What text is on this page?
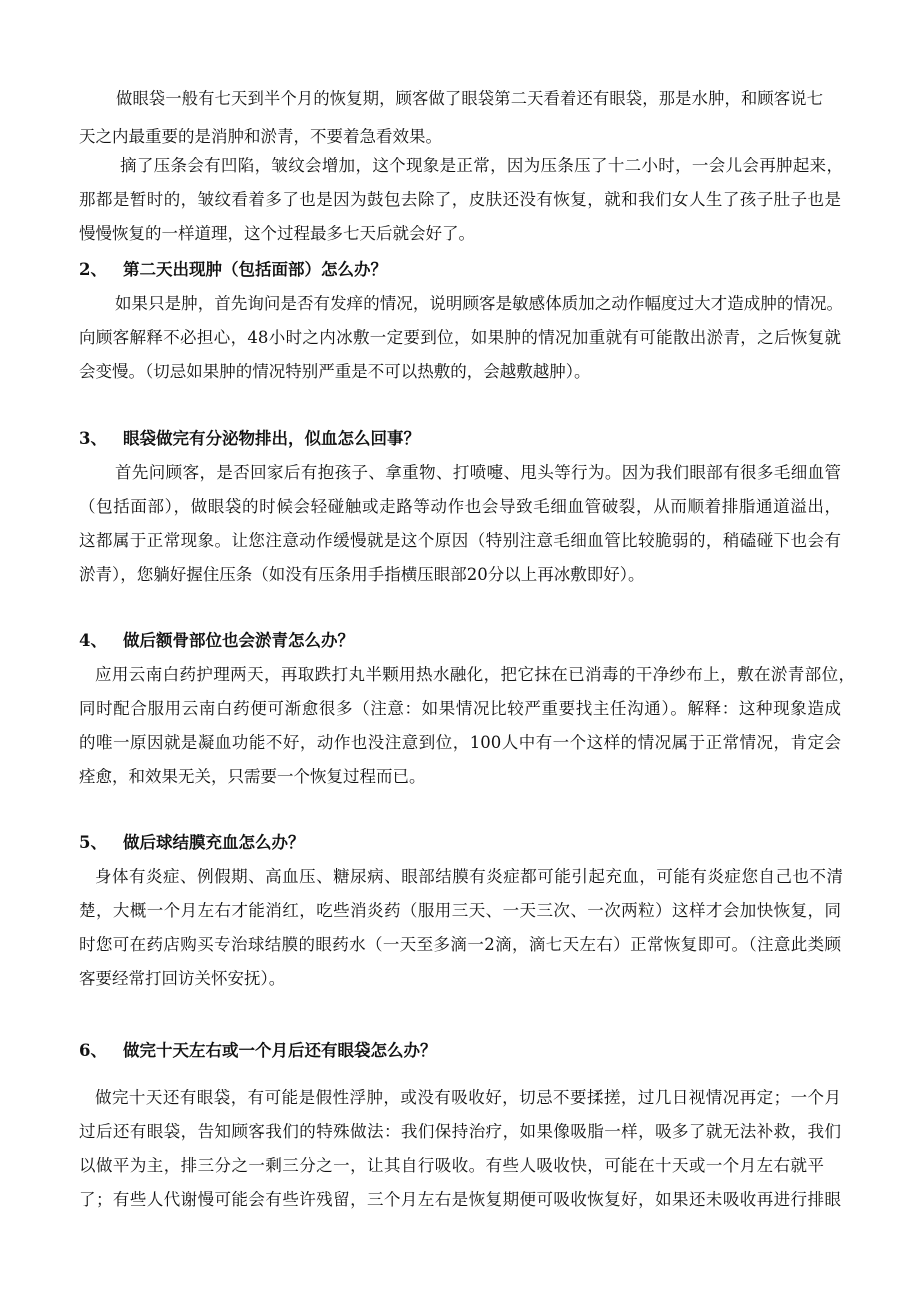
做眼袋一般有七天到半个月的恢复期，顾客做了眼袋第二天看着还有眼袋，那是水肿，和顾客说七
天之内最重要的是消肿和淤青，不要着急看效果。
摘了压条会有凹陷，皱纹会增加，这个现象是正常，因为压条压了十二小时，一会儿会再肿起来，
那都是暂时的，皱纹看着多了也是因为鼓包去除了，皮肤还没有恢复，就和我们女人生了孩子肚子也是
慢慢恢复的一样道理，这个过程最多七天后就会好了。
2、 第二天出现肿（包括面部）怎么办？
如果只是肿，首先询问是否有发痒的情况，说明顾客是敏感体质加之动作幅度过大才造成肿的情况。
向顾客解释不必担心，48小时之内冰敷一定要到位，如果肿的情况加重就有可能散出淤青，之后恢复就
会变慢。（切忌如果肿的情况特别严重是不可以热敷的，会越敷越肿）。
3、 眼袋做完有分泌物排出，似血怎么回事？
首先问顾客，是否回家后有抱孩子、拿重物、打喷嚏、甩头等行为。因为我们眼部有很多毛细血管
（包括面部），做眼袋的时候会轻碰触或走路等动作也会导致毛细血管破裂，从而顺着排脂通道溢出，
这都属于正常现象。让您注意动作缓慢就是这个原因（特别注意毛细血管比较脆弱的，稍磕碰下也会有
淤青），您躺好握住压条（如没有压条用手指横压眼部20分以上再冰敷即好）。
4、 做后额骨部位也会淤青怎么办？
应用云南白药护理两天，再取跌打丸半颗用热水融化，把它抹在已消毒的干净纱布上，敷在淤青部位，
同时配合服用云南白药便可渐愈很多（注意：如果情况比较严重要找主任沟通）。解释：这种现象造成
的唯一原因就是凝血功能不好，动作也没注意到位，100人中有一个这样的情况属于正常情况，肯定会
痊愈，和效果无关，只需要一个恢复过程而已。
5、 做后球结膜充血怎么办？
身体有炎症、例假期、高血压、糖尿病、眼部结膜有炎症都可能引起充血，可能有炎症您自己也不清
楚，大概一个月左右才能消红，吃些消炎药（服用三天、一天三次、一次两粒）这样才会加快恢复，同
时您可在药店购买专治球结膜的眼药水（一天至多滴一2滴，滴七天左右）正常恢复即可。（注意此类顾
客要经常打回访关怀安抚）。
6、 做完十天左右或一个月后还有眼袋怎么办？
做完十天还有眼袋，有可能是假性浮肿，或没有吸收好，切忌不要揉搓，过几日视情况再定；一个月
过后还有眼袋，告知顾客我们的特殊做法：我们保持治疗，如果像吸脂一样，吸多了就无法补救，我们
以做平为主，排三分之一剩三分之一，让其自行吸收。有些人吸收快，可能在十天或一个月左右就平
了；有些人代谢慢可能会有些许残留，三个月左右是恢复期便可吸收恢复好，如果还未吸收再进行排眼
